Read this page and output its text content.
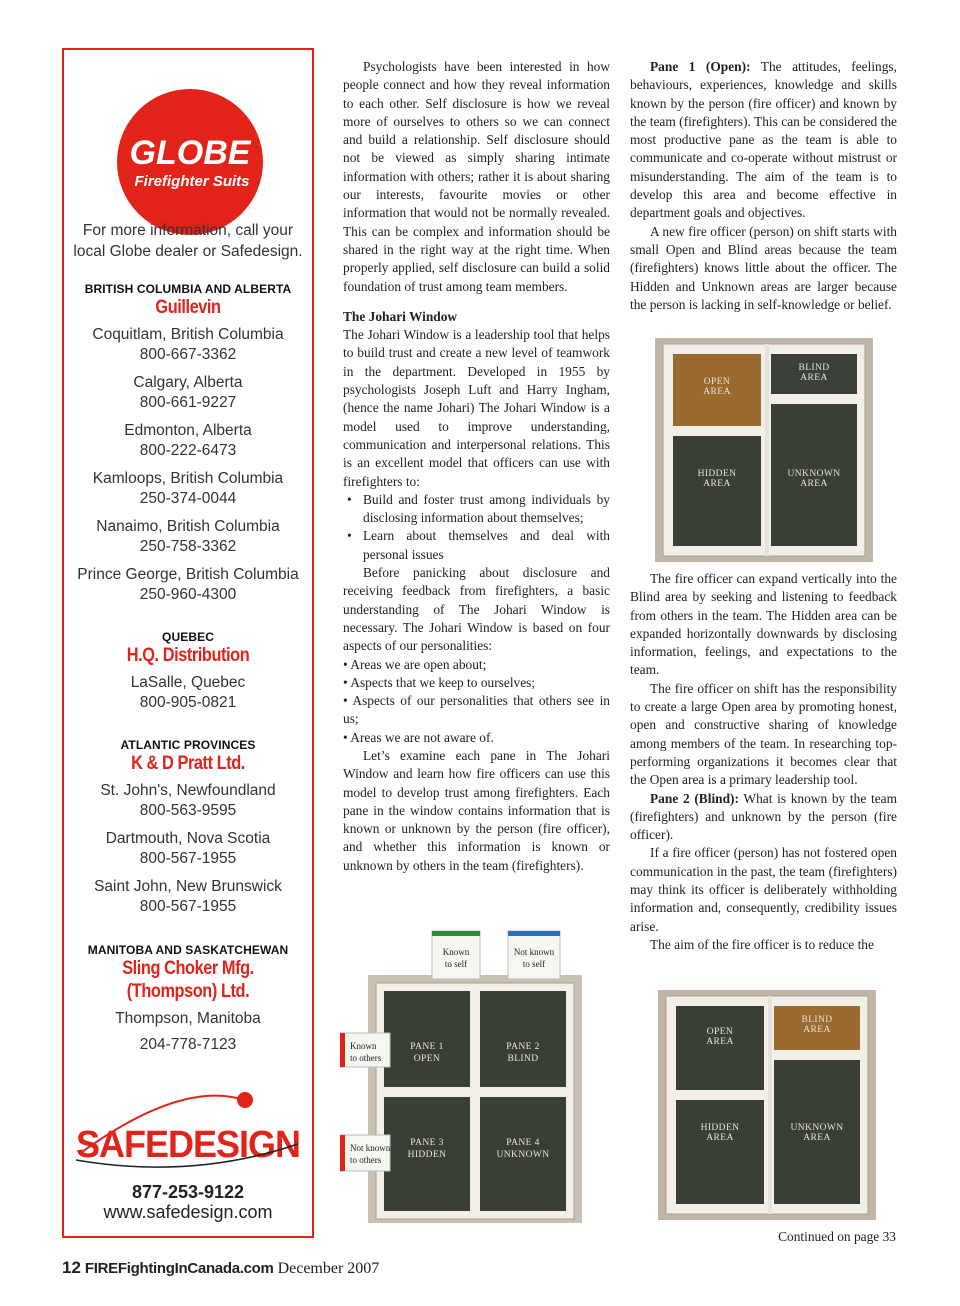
GLOBE
Firefighter Suits
For more information, call your
local Globe dealer or Safedesign.
BRITISH COLUMBIA AND ALBERTA
Guillevin
Coquitlam, British Columbia
800-667-3362
Calgary, Alberta
800-661-9227
Edmonton, Alberta
800-222-6473
Kamloops, British Columbia
250-374-0044
Nanaimo, British Columbia
250-758-3362
Prince George, British Columbia
250-960-4300
QUEBEC
H.Q. Distribution
LaSalle, Quebec
800-905-0821
ATLANTIC PROVINCES
K & D Pratt Ltd.
St. John's, Newfoundland
800-563-9595
Dartmouth, Nova Scotia
800-567-1955
Saint John, New Brunswick
800-567-1955
MANITOBA AND SASKATCHEWAN
Sling Choker Mfg.
(Thompson) Ltd.
Thompson, Manitoba
204-778-7123
SAFEDESIGN
877-253-9122
www.safedesign.com

Psychologists have been interested in how people connect and how they reveal information to each other. Self disclosure is how we reveal more of ourselves to others so we can connect and build a relationship. Self disclosure should not be viewed as simply sharing intimate information with others; rather it is about sharing our interests, favourite movies or other information that would not be normally revealed. This can be complex and information should be shared in the right way at the right time. When properly applied, self disclosure can build a solid foundation of trust among team members.

The Johari Window

The Johari Window is a leadership tool that helps to build trust and create a new level of teamwork in the department. Developed in 1955 by psychologists Joseph Luft and Harry Ingham, (hence the name Johari) The Johari Window is a model used to improve understanding, communication and interpersonal relations. This is an excellent model that officers can use with firefighters to:

• Build and foster trust among individuals by disclosing information about themselves;
• Learn about themselves and deal with personal issues

Before panicking about disclosure and receiving feedback from firefighters, a basic understanding of The Johari Window is necessary. The Johari Window is based on four aspects of our personalities:

• Areas we are open about;
• Aspects that we keep to ourselves;
• Aspects of our personalities that others see in us;
• Areas we are not aware of.

Let’s examine each pane in The Johari Window and learn how fire officers can use this model to develop trust among firefighters. Each pane in the window contains information that is known or unknown by the person (fire officer), and whether this information is known or unknown by others in the team (firefighters).

Known
to self
Not known
to self
Known
to others
Not known
to others
PANE 1
OPEN
PANE 2
BLIND
PANE 3
HIDDEN
PANE 4
UNKNOWN

Pane 1 (Open): The attitudes, feelings, behaviours, experiences, knowledge and skills known by the person (fire officer) and known by the team (firefighters). This can be considered the most productive pane as the team is able to communicate and co-operate without mistrust or misunderstanding. The aim of the team is to develop this area and become effective in department goals and objectives.

A new fire officer (person) on shift starts with small Open and Blind areas because the team (firefighters) knows little about the officer. The Hidden and Unknown areas are larger because the person is lacking in self-knowledge or belief.

OPEN
AREA
BLIND
AREA
HIDDEN
AREA
UNKNOWN
AREA

The fire officer can expand vertically into the Blind area by seeking and listening to feedback from others in the team. The Hidden area can be expanded horizontally downwards by disclosing information, feelings, and expectations to the team.

The fire officer on shift has the responsibility to create a large Open area by promoting honest, open and constructive sharing of knowledge among members of the team. In researching top-performing organizations it becomes clear that the Open area is a primary leadership tool.

Pane 2 (Blind): What is known by the team (firefighters) and unknown by the person (fire officer).

If a fire officer (person) has not fostered open communication in the past, the team (firefighters) may think its officer is deliberately withholding information and, consequently, credibility issues arise.

The aim of the fire officer is to reduce the

OPEN
AREA
BLIND
AREA
HIDDEN
AREA
UNKNOWN
AREA
Continued on page 33
12 FIREFightingInCanada.com December 2007
